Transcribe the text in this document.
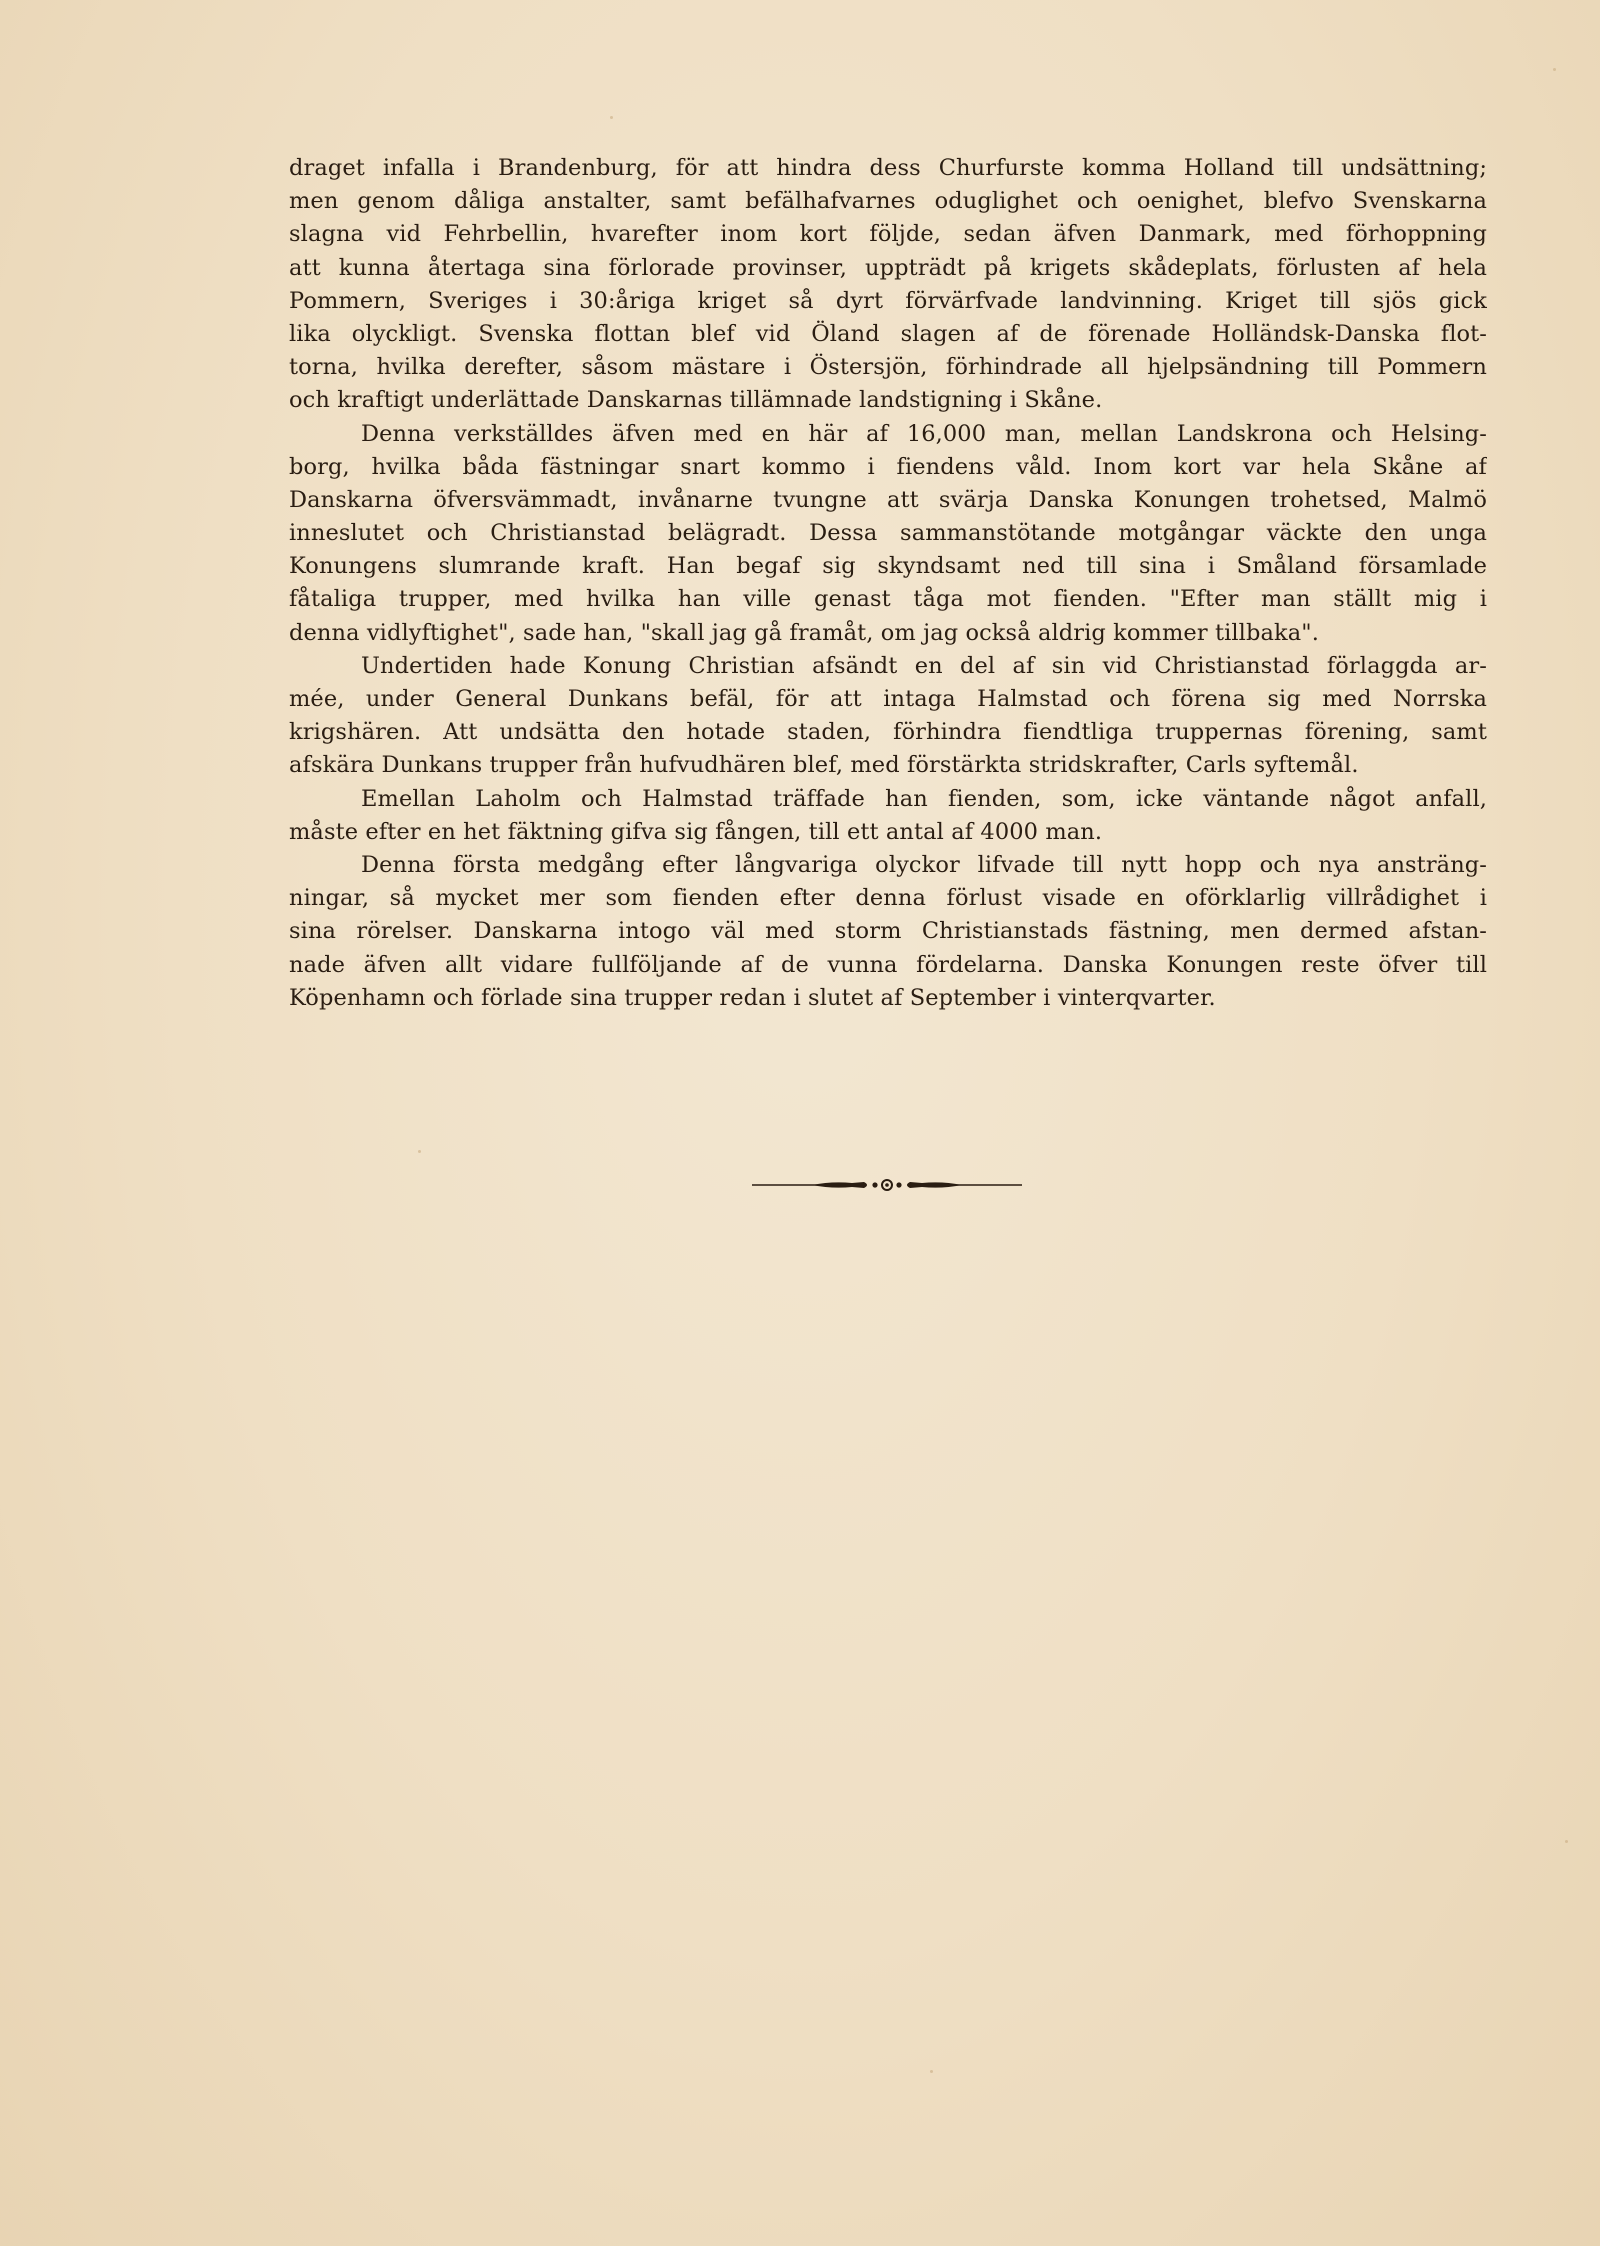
draget infalla i Brandenburg, för att hindra dess Churfurste komma Holland till undsättning;
men genom dåliga anstalter, samt befälhafvarnes oduglighet och oenighet, blefvo Svenskarna
slagna vid Fehrbellin, hvarefter inom kort följde, sedan äfven Danmark, med förhoppning
att kunna återtaga sina förlorade provinser, uppträdt på krigets skådeplats, förlusten af hela
Pommern, Sveriges i 30:åriga kriget så dyrt förvärfvade landvinning. Kriget till sjös gick
lika olyckligt. Svenska flottan blef vid Öland slagen af de förenade Holländsk-Danska flot-
torna, hvilka derefter, såsom mästare i Östersjön, förhindrade all hjelpsändning till Pommern
och kraftigt underlättade Danskarnas tillämnade landstigning i Skåne.

Denna verkställdes äfven med en här af 16,000 man, mellan Landskrona och Helsing-
borg, hvilka båda fästningar snart kommo i fiendens våld. Inom kort var hela Skåne af
Danskarna öfversvämmadt, invånarne tvungne att svärja Danska Konungen trohetsed, Malmö
inneslutet och Christianstad belägradt. Dessa sammanstötande motgångar väckte den unga
Konungens slumrande kraft. Han begaf sig skyndsamt ned till sina i Småland församlade
fåtaliga trupper, med hvilka han ville genast tåga mot fienden. "Efter man ställt mig i
denna vidlyftighet", sade han, "skall jag gå framåt, om jag också aldrig kommer tillbaka".

Undertiden hade Konung Christian afsändt en del af sin vid Christianstad förlaggda ar-
mée, under General Dunkans befäl, för att intaga Halmstad och förena sig med Norrska
krigshären. Att undsätta den hotade staden, förhindra fiendtliga truppernas förening, samt
afskära Dunkans trupper från hufvudhären blef, med förstärkta stridskrafter, Carls syftemål.

Emellan Laholm och Halmstad träffade han fienden, som, icke väntande något anfall,
måste efter en het fäktning gifva sig fången, till ett antal af 4000 man.

Denna första medgång efter långvariga olyckor lifvade till nytt hopp och nya ansträng-
ningar, så mycket mer som fienden efter denna förlust visade en oförklarlig villrådighet i
sina rörelser. Danskarna intogo väl med storm Christianstads fästning, men dermed afstan-
nade äfven allt vidare fullföljande af de vunna fördelarna. Danska Konungen reste öfver till
Köpenhamn och förlade sina trupper redan i slutet af September i vinterqvarter.
